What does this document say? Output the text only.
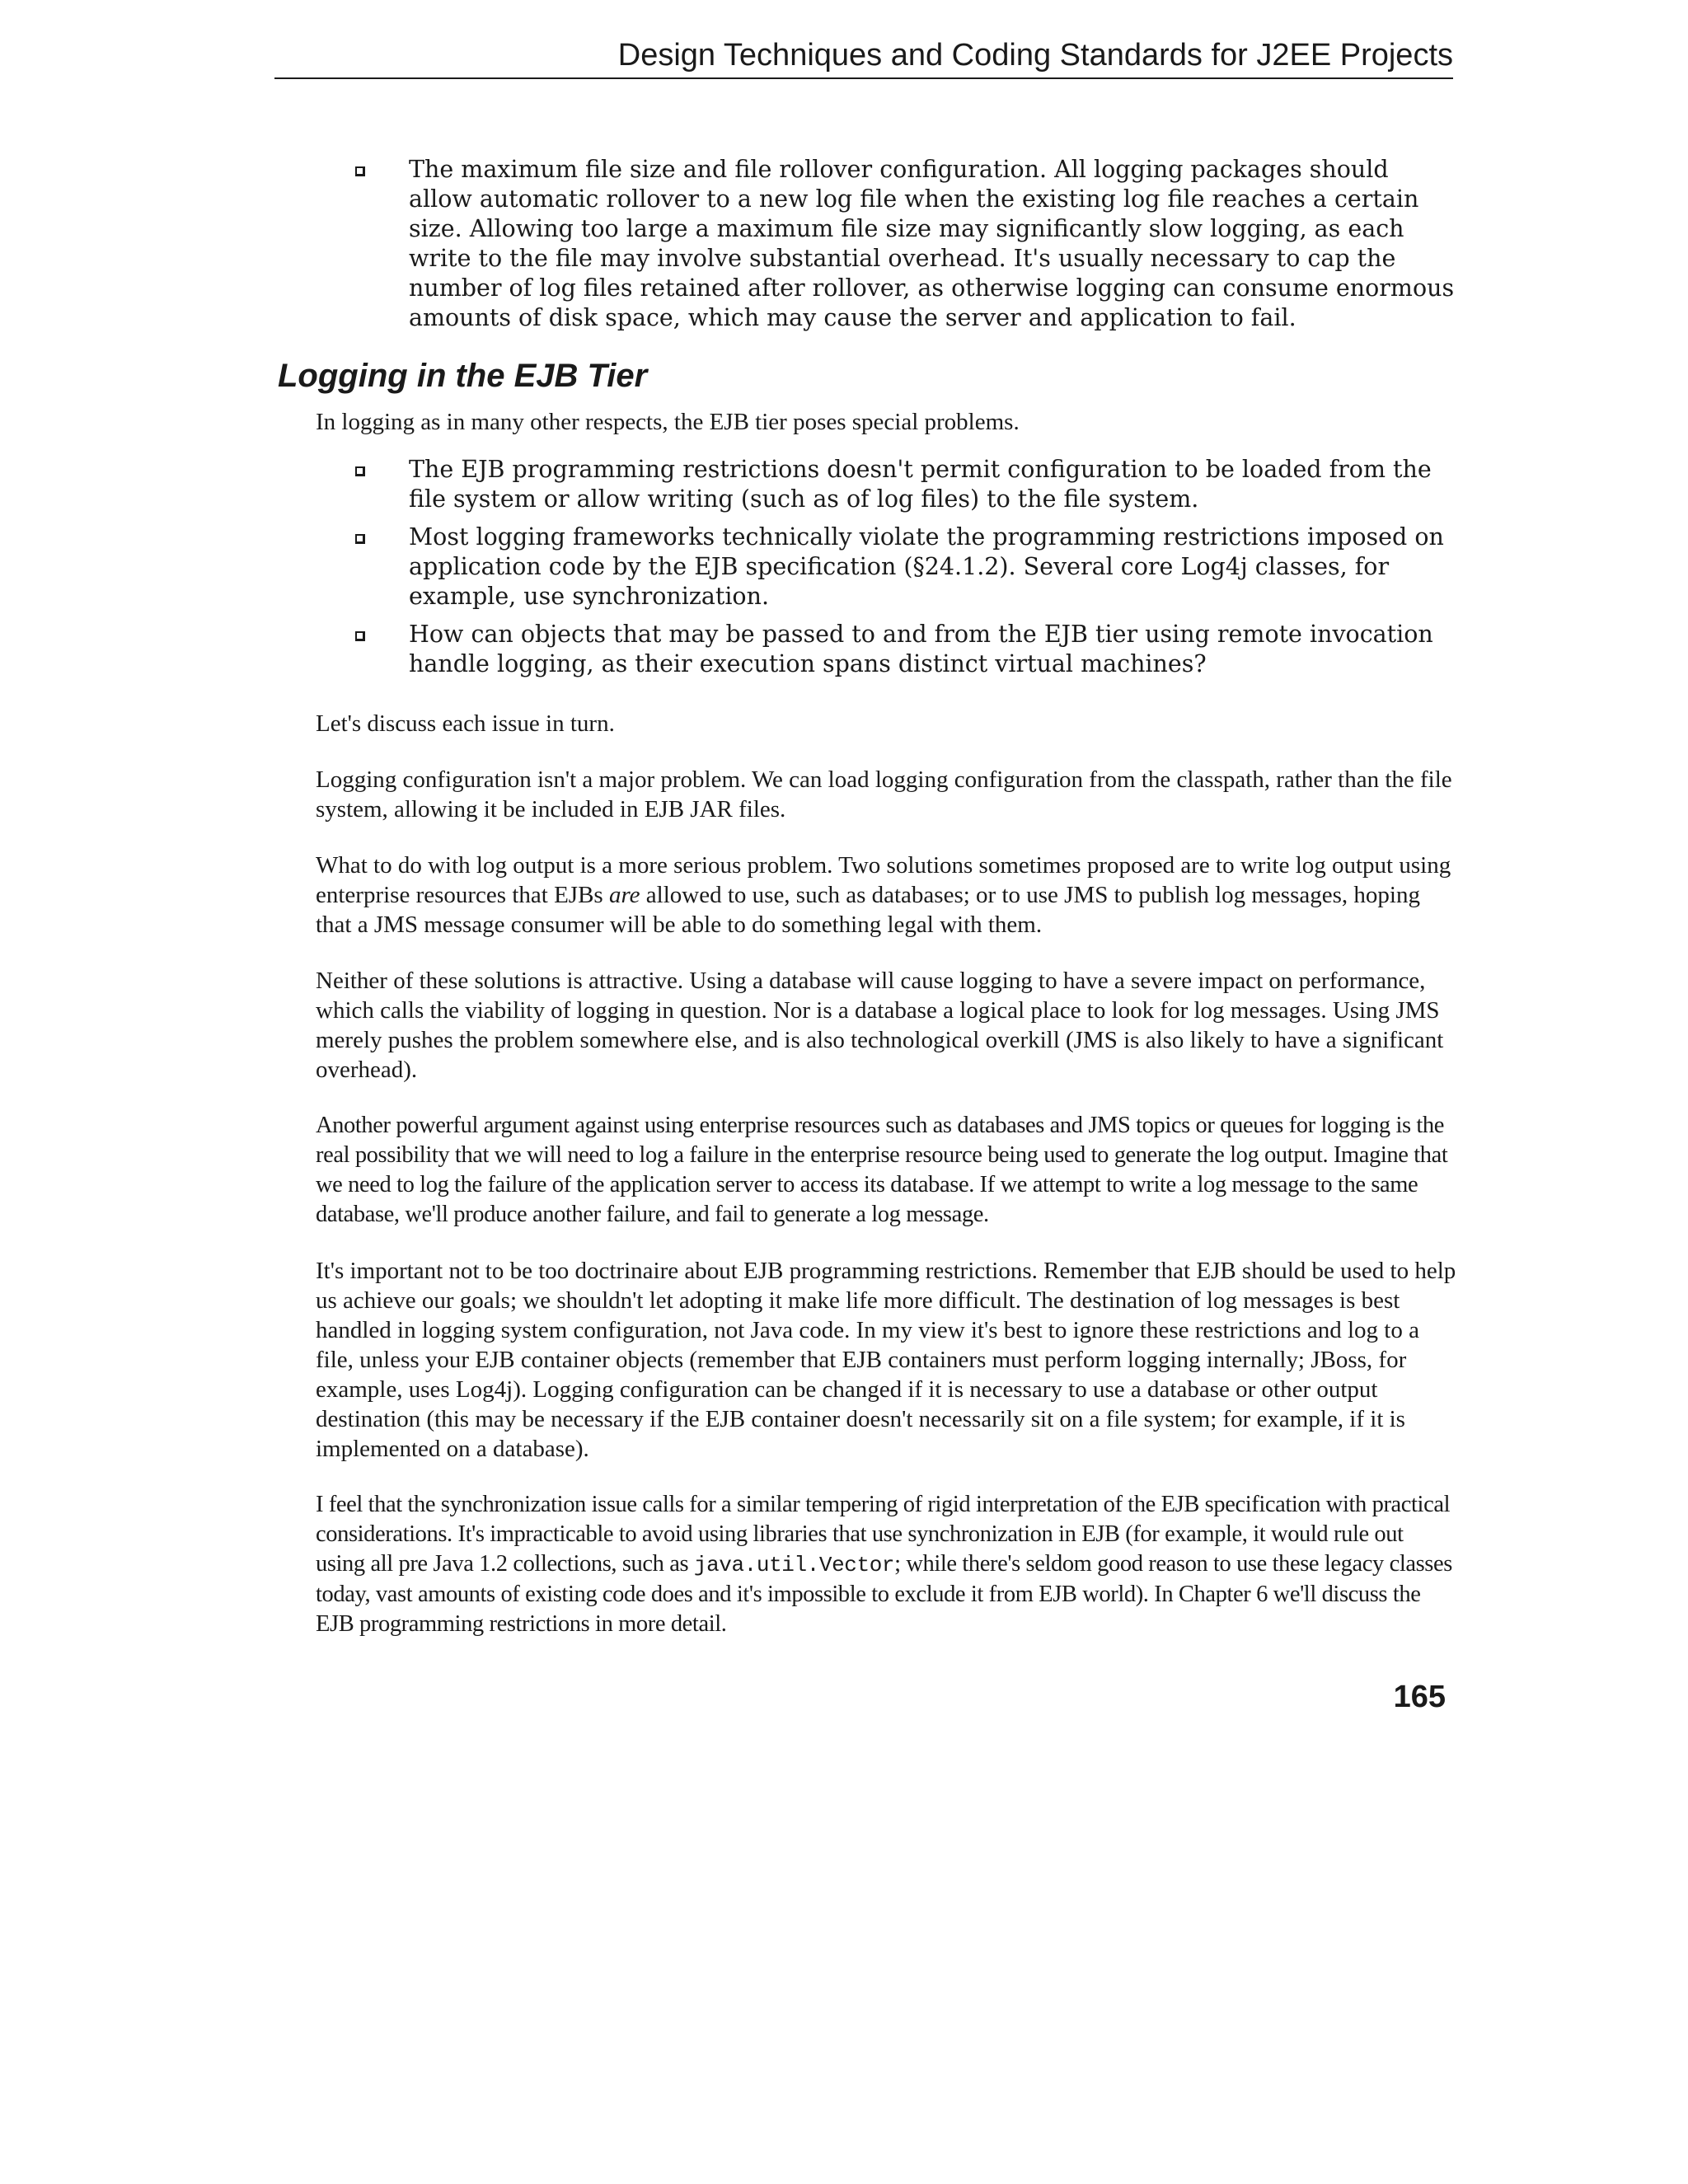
Design Techniques and Coding Standards for J2EE Projects
The maximum file size and file rollover configuration. All logging packages should allow automatic rollover to a new log file when the existing log file reaches a certain size. Allowing too large a maximum file size may significantly slow logging, as each write to the file may involve substantial overhead. It's usually necessary to cap the number of log files retained after rollover, as otherwise logging can consume enormous amounts of disk space, which may cause the server and application to fail.
Logging in the EJB Tier

In logging as in many other respects, the EJB tier poses special problems.

The EJB programming restrictions doesn't permit configuration to be loaded from the file system or allow writing (such as of log files) to the file system.
Most logging frameworks technically violate the programming restrictions imposed on application code by the EJB specification (§24.1.2). Several core Log4j classes, for example, use synchronization.
How can objects that may be passed to and from the EJB tier using remote invocation handle logging, as their execution spans distinct virtual machines?

Let's discuss each issue in turn.

Logging configuration isn't a major problem. We can load logging configuration from the classpath, rather than the file system, allowing it be included in EJB JAR files.

What to do with log output is a more serious problem. Two solutions sometimes proposed are to write log output using enterprise resources that EJBs are allowed to use, such as databases; or to use JMS to publish log messages, hoping that a JMS message consumer will be able to do something legal with them.

Neither of these solutions is attractive. Using a database will cause logging to have a severe impact on performance, which calls the viability of logging in question. Nor is a database a logical place to look for log messages. Using JMS merely pushes the problem somewhere else, and is also technological overkill (JMS is also likely to have a significant overhead).

Another powerful argument against using enterprise resources such as databases and JMS topics or queues for logging is the real possibility that we will need to log a failure in the enterprise resource being used to generate the log output. Imagine that we need to log the failure of the application server to access its database. If we attempt to write a log message to the same database, we'll produce another failure, and fail to generate a log message.

It's important not to be too doctrinaire about EJB programming restrictions. Remember that EJB should be used to help us achieve our goals; we shouldn't let adopting it make life more difficult. The destination of log messages is best handled in logging system configuration, not Java code. In my view it's best to ignore these restrictions and log to a file, unless your EJB container objects (remember that EJB containers must perform logging internally; JBoss, for example, uses Log4j). Logging configuration can be changed if it is necessary to use a database or other output destination (this may be necessary if the EJB container doesn't necessarily sit on a file system; for example, if it is implemented on a database).

I feel that the synchronization issue calls for a similar tempering of rigid interpretation of the EJB specification with practical considerations. It's impracticable to avoid using libraries that use synchronization in EJB (for example, it would rule out using all pre Java 1.2 collections, such as java.util.Vector; while there's seldom good reason to use these legacy classes today, vast amounts of existing code does and it's impossible to exclude it from EJB world). In Chapter 6 we'll discuss the EJB programming restrictions in more detail.

165
